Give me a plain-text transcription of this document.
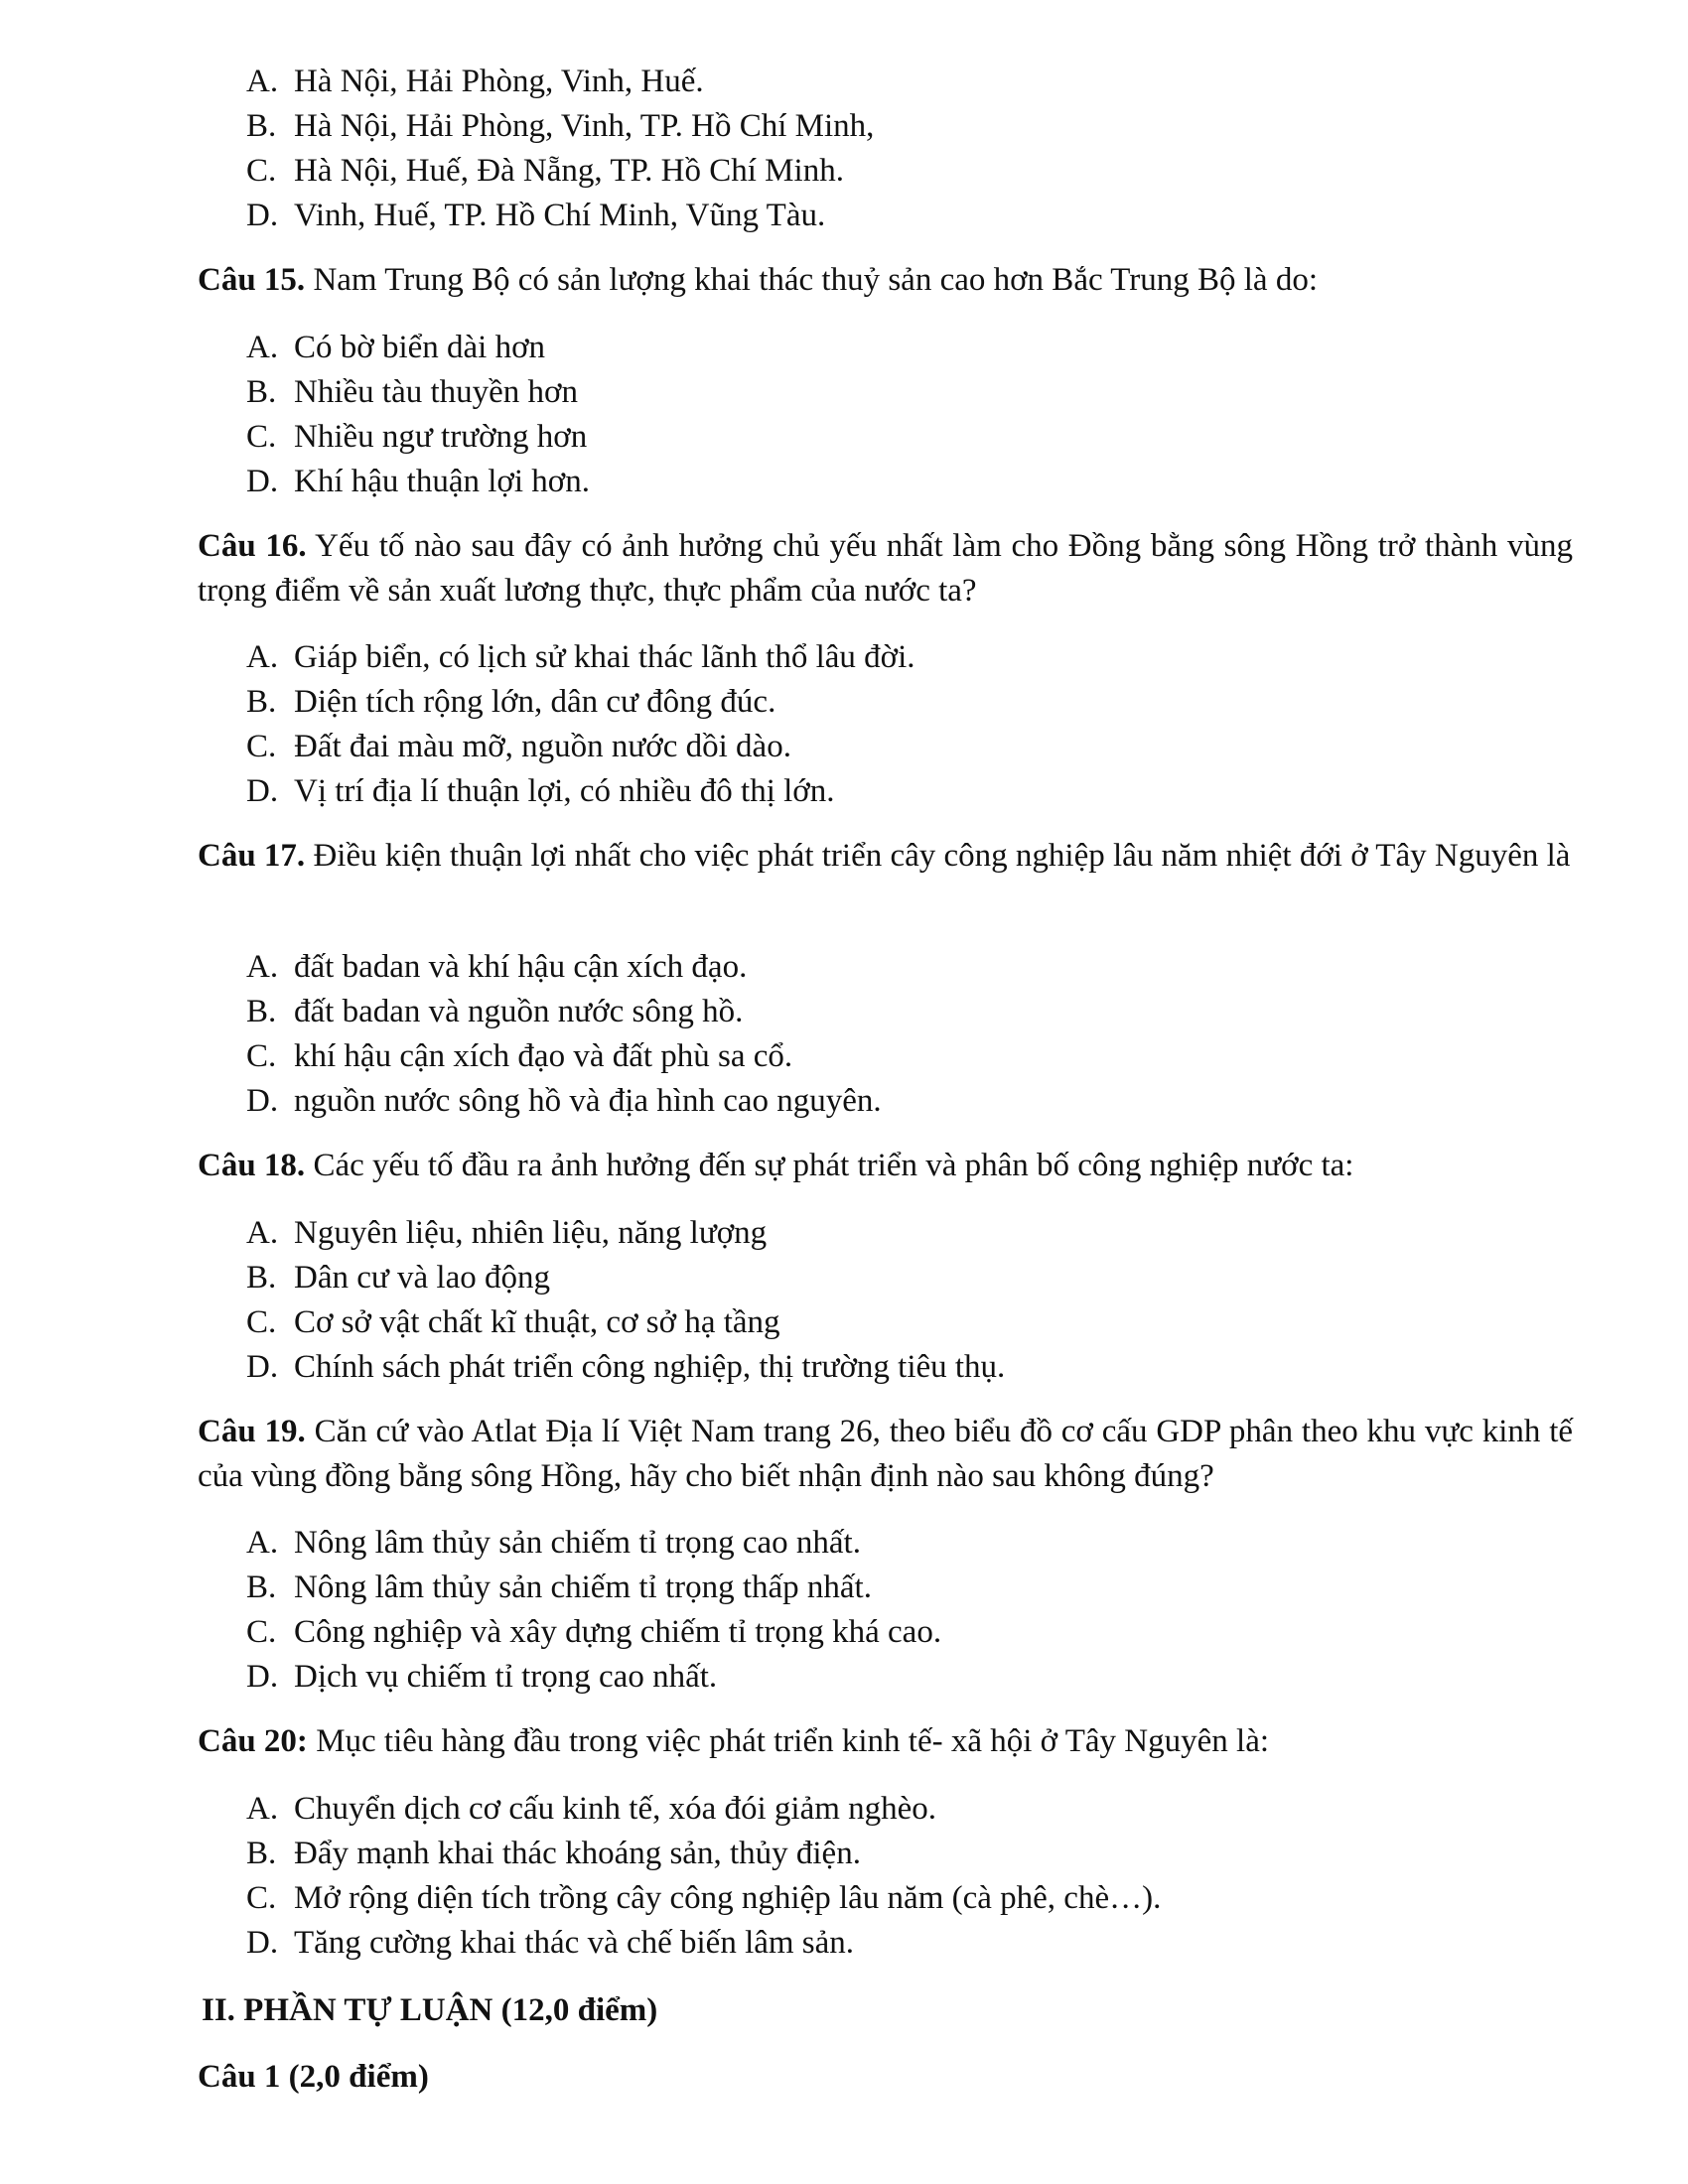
A. Hà Nội, Hải Phòng, Vinh, Huế.
B. Hà Nội, Hải Phòng, Vinh, TP. Hồ Chí Minh,
C. Hà Nội, Huế, Đà Nẵng, TP. Hồ Chí Minh.
D. Vinh, Huế, TP. Hồ Chí Minh, Vũng Tàu.
Câu 15. Nam Trung Bộ có sản lượng khai thác thuỷ sản cao hơn Bắc Trung Bộ là do:
A. Có bờ biển dài hơn
B. Nhiều tàu thuyền hơn
C. Nhiều ngư trường hơn
D. Khí hậu thuận lợi hơn.
Câu 16. Yếu tố nào sau đây có ảnh hưởng chủ yếu nhất làm cho Đồng bằng sông Hồng trở thành vùng trọng điểm về sản xuất lương thực, thực phẩm của nước ta?
A. Giáp biển, có lịch sử khai thác lãnh thổ lâu đời.
B. Diện tích rộng lớn, dân cư đông đúc.
C. Đất đai màu mỡ, nguồn nước dồi dào.
D. Vị trí địa lí thuận lợi, có nhiều đô thị lớn.
Câu 17. Điều kiện thuận lợi nhất cho việc phát triển cây công nghiệp lâu năm nhiệt đới ở Tây Nguyên là
A. đất badan và khí hậu cận xích đạo.
B. đất badan và nguồn nước sông hồ.
C. khí hậu cận xích đạo và đất phù sa cổ.
D. nguồn nước sông hồ và địa hình cao nguyên.
Câu 18. Các yếu tố đầu ra ảnh hưởng đến sự phát triển và phân bố công nghiệp nước ta:
A. Nguyên liệu, nhiên liệu, năng lượng
B. Dân cư và lao động
C. Cơ sở vật chất kĩ thuật, cơ sở hạ tầng
D. Chính sách phát triển công nghiệp, thị trường tiêu thụ.
Câu 19. Căn cứ vào Atlat Địa lí Việt Nam trang 26, theo biểu đồ cơ cấu GDP phân theo khu vực kinh tế của vùng đồng bằng sông Hồng, hãy cho biết nhận định nào sau không đúng?
A. Nông lâm thủy sản chiếm tỉ trọng cao nhất.
B. Nông lâm thủy sản chiếm tỉ trọng thấp nhất.
C. Công nghiệp và xây dựng chiếm tỉ trọng khá cao.
D. Dịch vụ chiếm tỉ trọng cao nhất.
Câu 20: Mục tiêu hàng đầu trong việc phát triển kinh tế- xã hội ở Tây Nguyên là:
A. Chuyển dịch cơ cấu kinh tế, xóa đói giảm nghèo.
B. Đẩy mạnh khai thác khoáng sản, thủy điện.
C. Mở rộng diện tích trồng cây công nghiệp lâu năm (cà phê, chè…).
D. Tăng cường khai thác và chế biến lâm sản.
II. PHẦN TỰ LUẬN (12,0 điểm)
Câu 1 (2,0 điểm)
